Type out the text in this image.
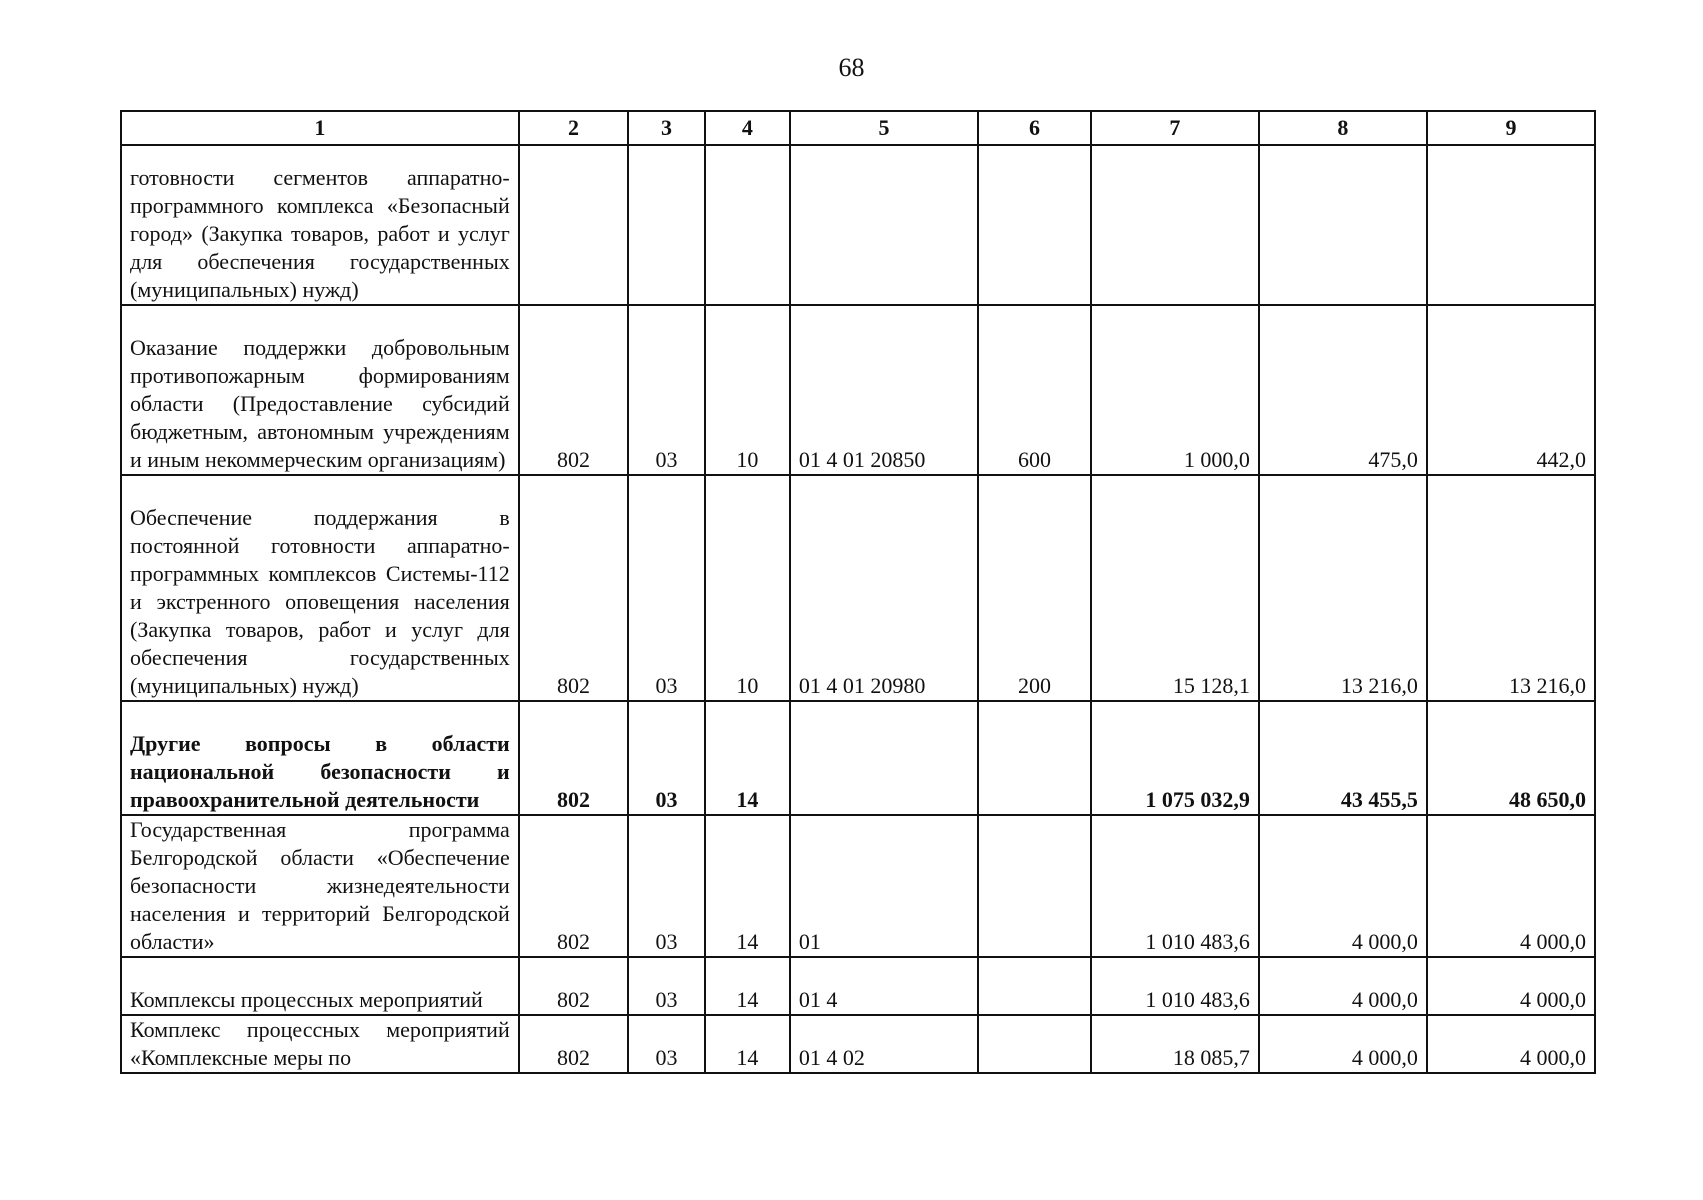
68
1	2	3	4	5	6	7	8	9
готовности сегментов аппаратно-программного комплекса «Безопасный город» (Закупка товаров, работ и услуг для обеспечения государственных (муниципальных) нужд)								
Оказание поддержки добровольным противопожарным формированиям области (Предоставление субсидий бюджетным, автономным учреждениям и иным некоммерческим организациям)	802	03	10	01 4 01 20850	600	1 000,0	475,0	442,0
Обеспечение поддержания в постоянной готовности аппаратно-программных комплексов Системы-112 и экстренного оповещения населения (Закупка товаров, работ и услуг для обеспечения государственных (муниципальных) нужд)	802	03	10	01 4 01 20980	200	15 128,1	13 216,0	13 216,0
Другие вопросы в области национальной безопасности и правоохранительной деятельности	802	03	14			1 075 032,9	43 455,5	48 650,0
Государственная программа Белгородской области «Обеспечение безопасности жизнедеятельности населения и территорий Белгородской области»	802	03	14	01		1 010 483,6	4 000,0	4 000,0
Комплексы процессных мероприятий	802	03	14	01 4		1 010 483,6	4 000,0	4 000,0
Комплекс процессных мероприятий «Комплексные меры по	802	03	14	01 4 02		18 085,7	4 000,0	4 000,0
